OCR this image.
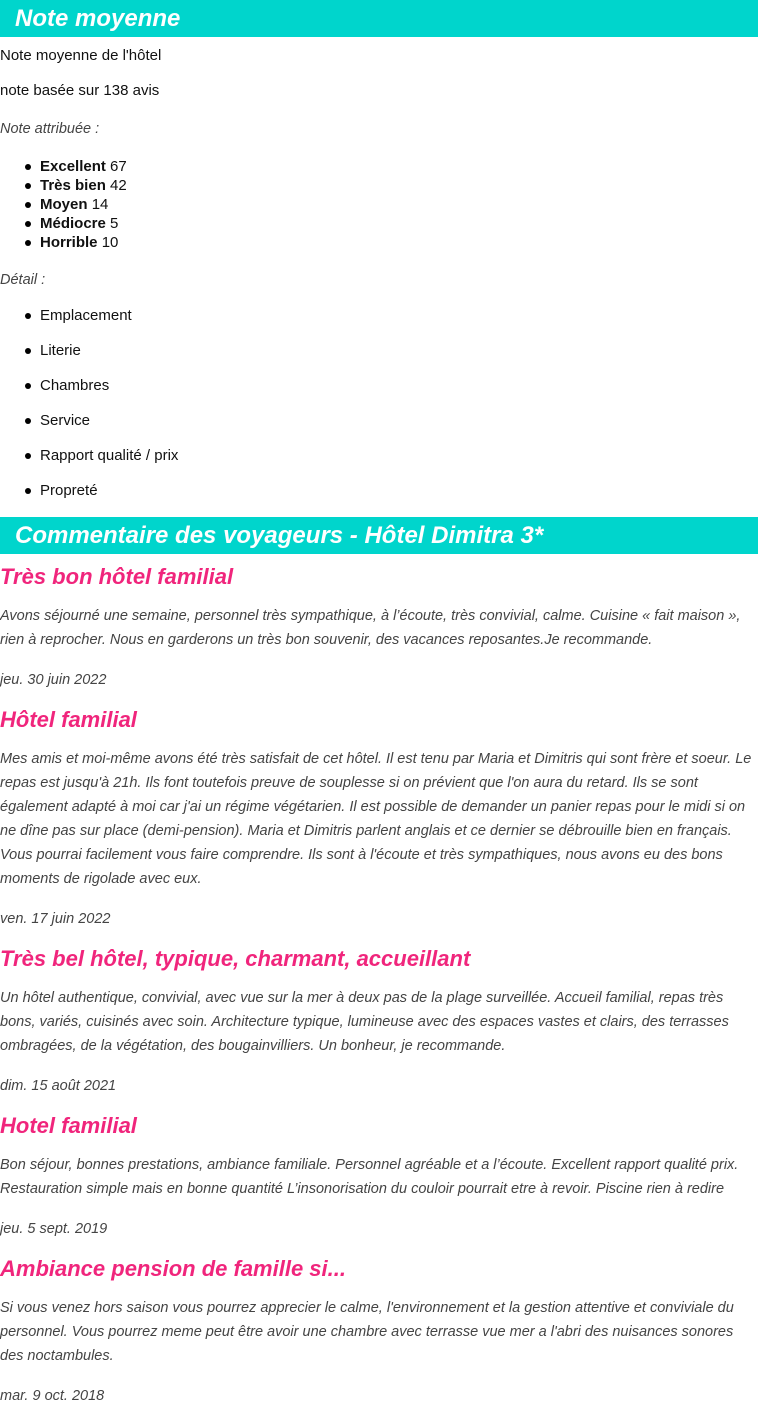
Note moyenne

Note moyenne de l'hôtel

note basée sur 138 avis

Note attribuée :

Excellent 67
Très bien 42
Moyen 14
Médiocre 5
Horrible 10

Détail :

Emplacement
Literie
Chambres
Service
Rapport qualité / prix
Propreté
Commentaire des voyageurs - Hôtel Dimitra 3*
Très bon hôtel familial

Avons séjourné une semaine, personnel très sympathique, à l’écoute, très convivial, calme. Cuisine « fait maison », rien à reprocher. Nous en garderons un très bon souvenir, des vacances reposantes.Je recommande.

jeu. 30 juin 2022

Hôtel familial

Mes amis et moi-même avons été très satisfait de cet hôtel. Il est tenu par Maria et Dimitris qui sont frère et soeur. Le repas est jusqu'à 21h. Ils font toutefois preuve de souplesse si on prévient que l'on aura du retard. Ils se sont également adapté à moi car j'ai un régime végétarien. Il est possible de demander un panier repas pour le midi si on ne dîne pas sur place (demi-pension). Maria et Dimitris parlent anglais et ce dernier se débrouille bien en français. Vous pourrai facilement vous faire comprendre. Ils sont à l'écoute et très sympathiques, nous avons eu des bons moments de rigolade avec eux.

ven. 17 juin 2022

Très bel hôtel, typique, charmant, accueillant

Un hôtel authentique, convivial, avec vue sur la mer à deux pas de la plage surveillée. Accueil familial, repas très bons, variés, cuisinés avec soin. Architecture typique, lumineuse avec des espaces vastes et clairs, des terrasses ombragées, de la végétation, des bougainvilliers. Un bonheur, je recommande.

dim. 15 août 2021

Hotel familial

Bon séjour, bonnes prestations, ambiance familiale. Personnel agréable et a l’écoute. Excellent rapport qualité prix. Restauration simple mais en bonne quantité L’insonorisation du couloir pourrait etre à revoir. Piscine rien à redire

jeu. 5 sept. 2019

Ambiance pension de famille si...

Si vous venez hors saison vous pourrez apprecier le calme, l'environnement et la gestion attentive et conviviale du personnel. Vous pourrez meme peut être avoir une chambre avec terrasse vue mer a l'abri des nuisances sonores des noctambules.

mar. 9 oct. 2018
